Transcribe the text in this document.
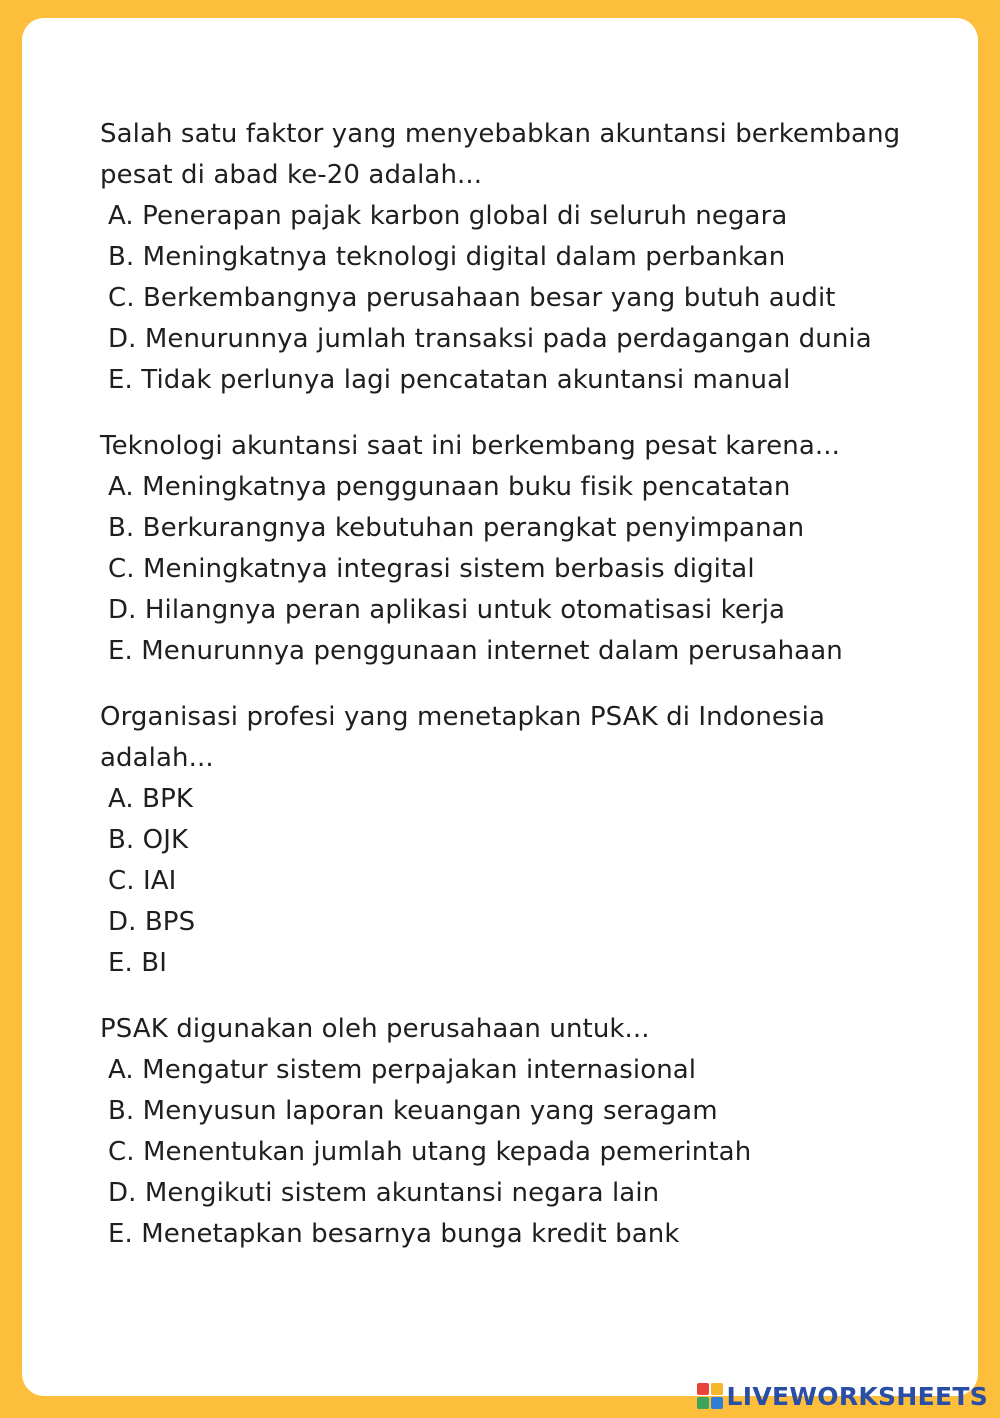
Salah satu faktor yang menyebabkan akuntansi berkembang
pesat di abad ke-20 adalah...
A. Penerapan pajak karbon global di seluruh negara
B. Meningkatnya teknologi digital dalam perbankan
C. Berkembangnya perusahaan besar yang butuh audit
D. Menurunnya jumlah transaksi pada perdagangan dunia
E. Tidak perlunya lagi pencatatan akuntansi manual
Teknologi akuntansi saat ini berkembang pesat karena...
A. Meningkatnya penggunaan buku fisik pencatatan
B. Berkurangnya kebutuhan perangkat penyimpanan
C. Meningkatnya integrasi sistem berbasis digital
D. Hilangnya peran aplikasi untuk otomatisasi kerja
E. Menurunnya penggunaan internet dalam perusahaan
Organisasi profesi yang menetapkan PSAK di Indonesia
adalah...
A. BPK
B. OJK
C. IAI
D. BPS
E. BI
PSAK digunakan oleh perusahaan untuk...
A. Mengatur sistem perpajakan internasional
B. Menyusun laporan keuangan yang seragam
C. Menentukan jumlah utang kepada pemerintah
D. Mengikuti sistem akuntansi negara lain
E. Menetapkan besarnya bunga kredit bank
LIVEWORKSHEETS
